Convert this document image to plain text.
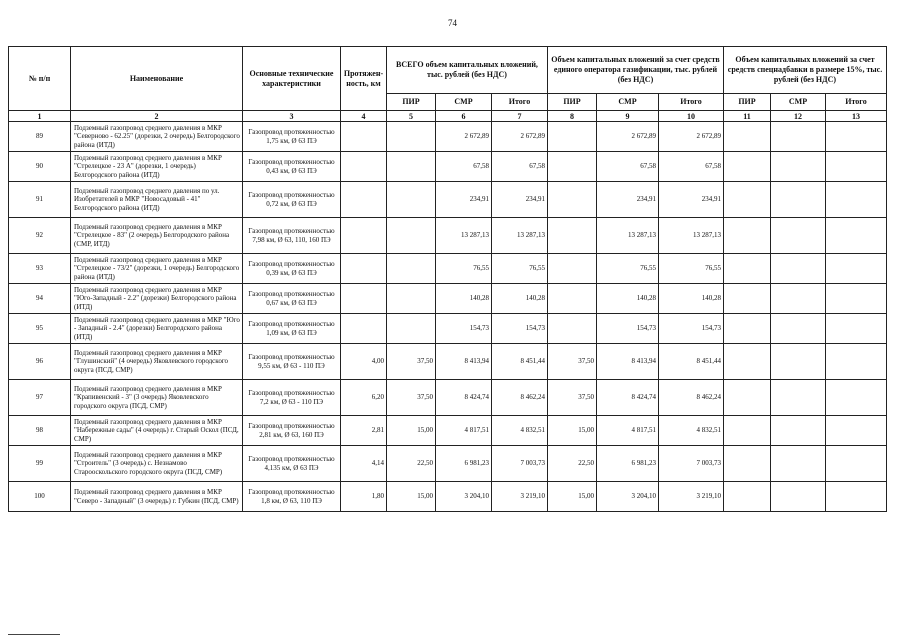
74
№ п/п	Наименование	Основные технические характеристики	Протяжен-ность, км	ВСЕГО объем капитальных вложений, тыс. рублей (без НДС)			Объем капитальных вложений за счет средств единого оператора газификации, тыс. рублей (без НДС)			Объем капитальных вложений за счет средств спецнадбавки в размере 15%, тыс. рублей (без НДС)		
				ПИР	СМР	Итого	ПИР	СМР	Итого	ПИР	СМР	Итого
1	2	3	4	5	6	7	8	9	10	11	12	13
89	Подземный газопровод среднего давления в МКР "Северново - 62.25" (дорезки, 2 очередь) Белгородского района (ИТД)	Газопровод протяженностью 1,75 км, Ø 63 ПЭ			2 672,89	2 672,89		2 672,89	2 672,89			
90	Подземный газопровод среднего давления в МКР "Стрелецкое - 23 А" (дорезки, 1 очередь) Белгородского района (ИТД)	Газопровод протяженностью 0,43 км, Ø 63 ПЭ			67,58	67,58		67,58	67,58			
91	Подземный газопровод среднего давления по ул. Изобретателей в МКР "Новосадовый - 41" Белгородского района (ИТД)	Газопровод протяженностью 0,72 км, Ø 63 ПЭ			234,91	234,91		234,91	234,91			
92	Подземный газопровод среднего давления в МКР "Стрелецкое - 83" (2 очередь) Белгородского района (СМР, ИТД)	Газопровод протяженностью 7,98 км, Ø 63, 110, 160 ПЭ			13 287,13	13 287,13		13 287,13	13 287,13			
93	Подземный газопровод среднего давления в МКР "Стрелецкое - 73/2" (дорезки, 1 очередь) Белгородского района (ИТД)	Газопровод протяженностью 0,39 км, Ø 63 ПЭ			76,55	76,55		76,55	76,55			
94	Подземный газопровод среднего давления в МКР "Юго-Западный - 2.2" (дорезки) Белгородского района (ИТД)	Газопровод протяженностью 0,67 км, Ø 63 ПЭ			140,28	140,28		140,28	140,28			
95	Подземный газопровод среднего давления в МКР "Юго - Западный - 2.4" (дорезки) Белгородского района (ИТД)	Газопровод протяженностью 1,09 км, Ø 63 ПЭ			154,73	154,73		154,73	154,73			
96	Подземный газопровод среднего давления в МКР "Глушинский" (4 очередь) Яковлевского городского округа (ПСД, СМР)	Газопровод протяженностью 9,55 км, Ø 63 - 110 ПЭ	4,00	37,50	8 413,94	8 451,44	37,50	8 413,94	8 451,44			
97	Подземный газопровод среднего давления в МКР "Крапивенский - 3" (3 очередь) Яковлевского городского округа (ПСД, СМР)	Газопровод протяженностью 7,2 км, Ø 63 - 110 ПЭ	6,20	37,50	8 424,74	8 462,24	37,50	8 424,74	8 462,24			
98	Подземный газопровод среднего давления в МКР "Набережные сады" (4 очередь) г. Старый Оскол (ПСД, СМР)	Газопровод протяженностью 2,81 км, Ø 63, 160 ПЭ	2,81	15,00	4 817,51	4 832,51	15,00	4 817,51	4 832,51			
99	Подземный газопровод среднего давления в МКР "Строитель" (3 очередь) с. Незнамово Старооскольского городского округа (ПСД, СМР)	Газопровод протяженностью 4,135 км, Ø 63 ПЭ	4,14	22,50	6 981,23	7 003,73	22,50	6 981,23	7 003,73			
100	Подземный газопровод среднего давления в МКР "Северо - Западный" (3 очередь) г. Губкин (ПСД, СМР)	Газопровод протяженностью 1,8 км, Ø 63, 110 ПЭ	1,80	15,00	3 204,10	3 219,10	15,00	3 204,10	3 219,10			
